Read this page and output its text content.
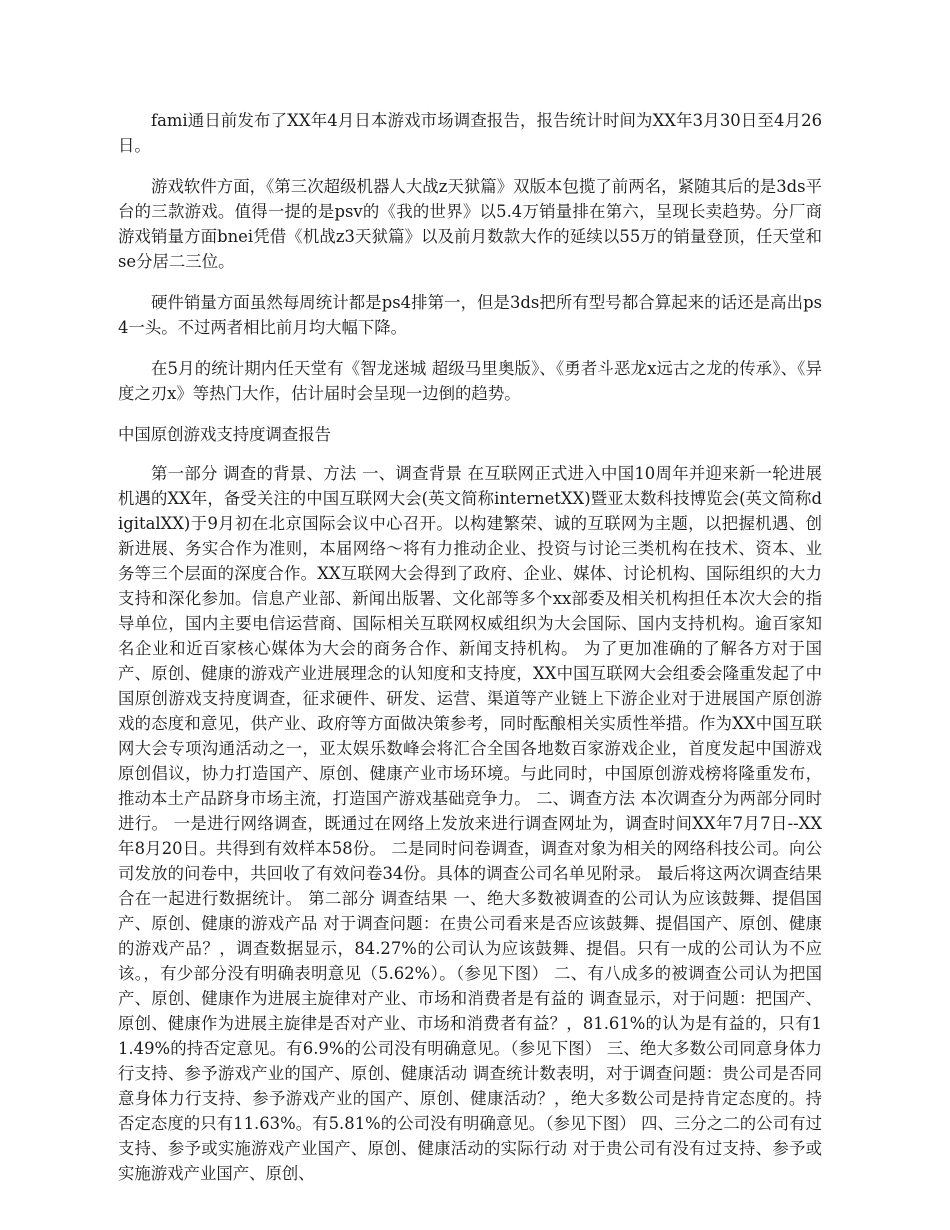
fami通日前发布了XX年4月日本游戏市场调查报告，报告统计时间为XX年3月30日至4月26日。

游戏软件方面，《第三次超级机器人大战z天狱篇》双版本包揽了前两名，紧随其后的是3ds平台的三款游戏。值得一提的是psv的《我的世界》以5.4万销量排在第六，呈现长卖趋势。分厂商游戏销量方面bnei凭借《机战z3天狱篇》以及前月数款大作的延续以55万的销量登顶，任天堂和se分居二三位。

硬件销量方面虽然每周统计都是ps4排第一，但是3ds把所有型号都合算起来的话还是高出ps4一头。不过两者相比前月均大幅下降。

在5月的统计期内任天堂有《智龙迷城 超级马里奥版》、《勇者斗恶龙x远古之龙的传承》、《异度之刃x》等热门大作，估计届时会呈现一边倒的趋势。

中国原创游戏支持度调查报告

第一部分 调查的背景、方法 一、调查背景 在互联网正式进入中国10周年并迎来新一轮进展机遇的XX年，备受关注的中国互联网大会(英文简称internetXX)暨亚太数科技博览会(英文简称digitalXX)于9月初在北京国际会议中心召开。以构建繁荣、诚的互联网为主题，以把握机遇、创新进展、务实合作为准则，本届网络～将有力推动企业、投资与讨论三类机构在技术、资本、业务等三个层面的深度合作。XX互联网大会得到了政府、企业、媒体、讨论机构、国际组织的大力支持和深化参加。信息产业部、新闻出版署、文化部等多个xx部委及相关机构担任本次大会的指导单位，国内主要电信运营商、国际相关互联网权威组织为大会国际、国内支持机构。逾百家知名企业和近百家核心媒体为大会的商务合作、新闻支持机构。 为了更加准确的了解各方对于国产、原创、健康的游戏产业进展理念的认知度和支持度，XX中国互联网大会组委会隆重发起了中国原创游戏支持度调查，征求硬件、研发、运营、渠道等产业链上下游企业对于进展国产原创游戏的态度和意见，供产业、政府等方面做决策参考，同时酝酿相关实质性举措。作为XX中国互联网大会专项沟通活动之一，亚太娱乐数峰会将汇合全国各地数百家游戏企业，首度发起中国游戏原创倡议，协力打造国产、原创、健康产业市场环境。与此同时，中国原创游戏榜将隆重发布，推动本土产品跻身市场主流，打造国产游戏基础竞争力。 二、调查方法 本次调查分为两部分同时进行。 一是进行网络调查，既通过在网络上发放来进行调查网址为，调查时间XX年7月7日--XX年8月20日。共得到有效样本58份。 二是同时问卷调查，调查对象为相关的网络科技公司。向公司发放的问卷中，共回收了有效问卷34份。具体的调查公司名单见附录。 最后将这两次调查结果合在一起进行数据统计。 第二部分 调查结果 一、绝大多数被调查的公司认为应该鼓舞、提倡国产、原创、健康的游戏产品 对于调查问题：在贵公司看来是否应该鼓舞、提倡国产、原创、健康的游戏产品？，调查数据显示，84.27%的公司认为应该鼓舞、提倡。只有一成的公司认为不应该。，有少部分没有明确表明意见（5.62%）。（参见下图） 二、有八成多的被调查公司认为把国产、原创、健康作为进展主旋律对产业、市场和消费者是有益的 调查显示，对于问题：把国产、原创、健康作为进展主旋律是否对产业、市场和消费者有益？，81.61%的认为是有益的，只有11.49%的持否定意见。有6.9%的公司没有明确意见。（参见下图） 三、绝大多数公司同意身体力行支持、参予游戏产业的国产、原创、健康活动 调查统计数表明，对于调查问题：贵公司是否同意身体力行支持、参予游戏产业的国产、原创、健康活动？，绝大多数公司是持肯定态度的。持否定态度的只有11.63%。有5.81%的公司没有明确意见。（参见下图） 四、三分之二的公司有过支持、参予或实施游戏产业国产、原创、健康活动的实际行动 对于贵公司有没有过支持、参予或实施游戏产业国产、原创、
